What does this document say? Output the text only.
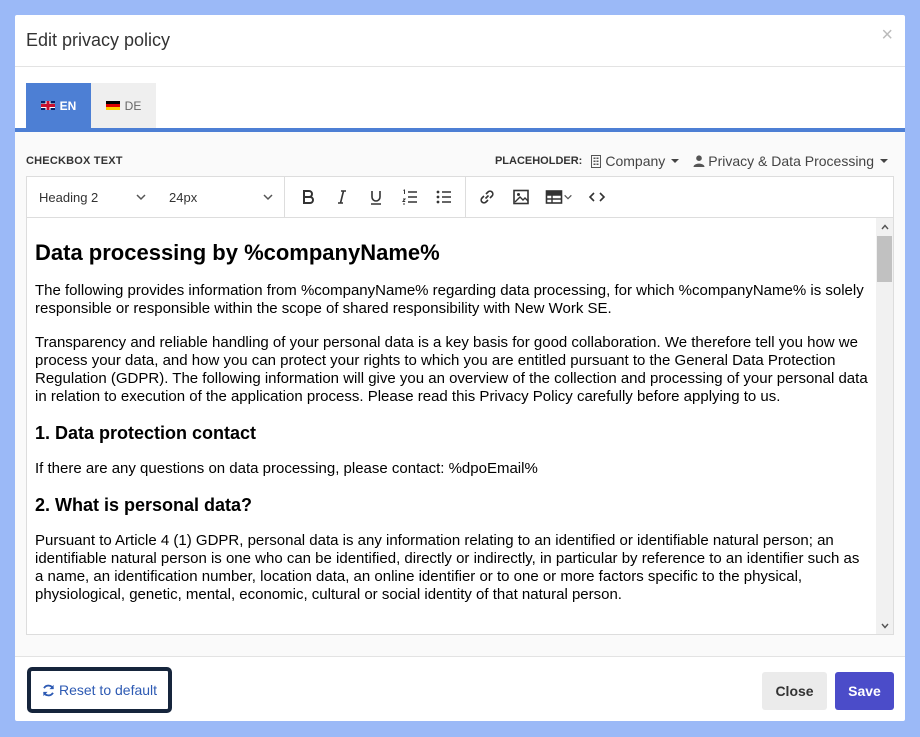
Edit privacy policy	×
EN	DE
CHECKBOX TEXT	PLACEHOLDER: Company	Privacy & Data Processing
Heading 2	24px
Data processing by %companyName%

The following provides information from %companyName% regarding data processing, for which %companyName% is solely responsible or responsible within the scope of shared responsibility with New Work SE.

Transparency and reliable handling of your personal data is a key basis for good collaboration. We therefore tell you how we process your data, and how you can protect your rights to which you are entitled pursuant to the General Data Protection Regulation (GDPR). The following information will give you an overview of the collection and processing of your personal data in relation to execution of the application process. Please read this Privacy Policy carefully before applying to us.

1. Data protection contact

If there are any questions on data processing, please contact: %dpoEmail%

2. What is personal data?

Pursuant to Article 4 (1) GDPR, personal data is any information relating to an identified or identifiable natural person; an identifiable natural person is one who can be identified, directly or indirectly, in particular by reference to an identifier such as a name, an identification number, location data, an online identifier or to one or more factors specific to the physical, physiological, genetic, mental, economic, cultural or social identity of that natural person.

Reset to default	Close	Save
